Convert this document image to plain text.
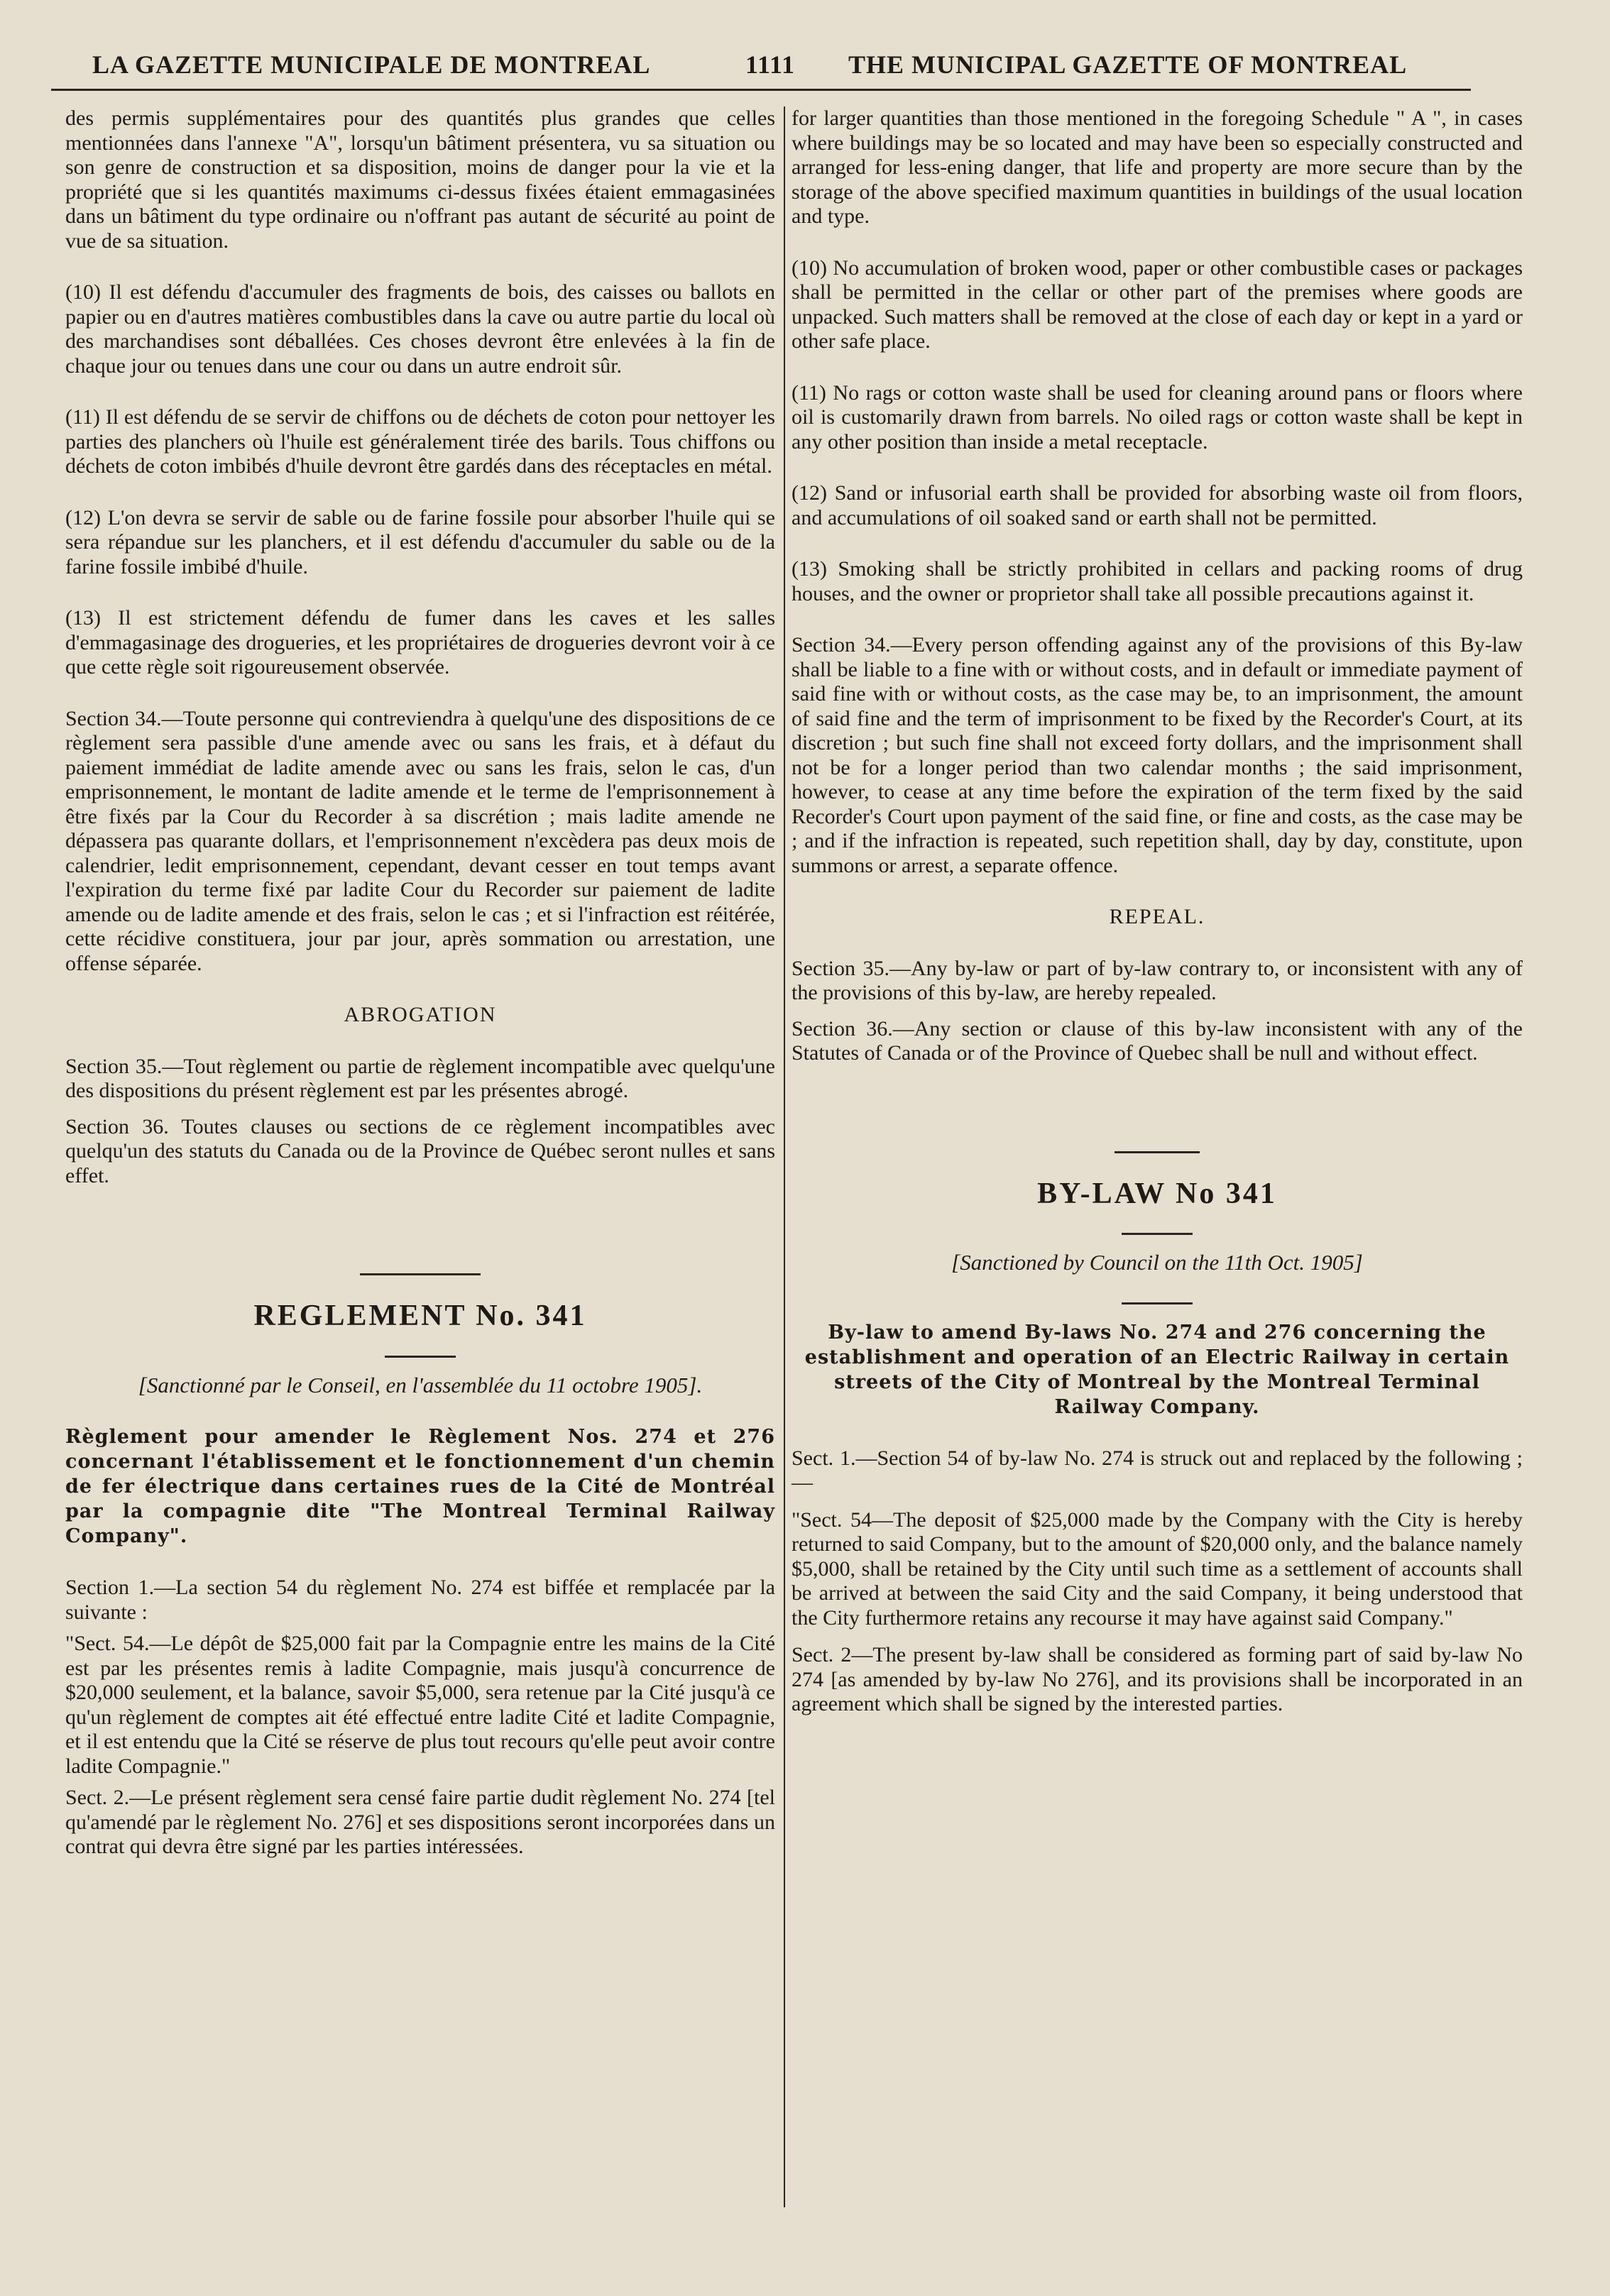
LA GAZETTE MUNICIPALE DE MONTREAL	1111 THE MUNICIPAL GAZETTE OF MONTREAL

des permis supplémentaires pour des quantités plus grandes que celles mentionnées dans l'annexe "A", lorsqu'un bâtiment présentera, vu sa situation ou son genre de construction et sa disposition, moins de danger pour la vie et la propriété que si les quantités maximums ci-dessus fixées étaient emmagasinées dans un bâtiment du type ordinaire ou n'offrant pas autant de sécurité au point de vue de sa situation.

(10) Il est défendu d'accumuler des fragments de bois, des caisses ou ballots en papier ou en d'autres matières combustibles dans la cave ou autre partie du local où des marchandises sont déballées. Ces choses devront être enlevées à la fin de chaque jour ou tenues dans une cour ou dans un autre endroit sûr.

(11) Il est défendu de se servir de chiffons ou de déchets de coton pour nettoyer les parties des planchers où l'huile est généralement tirée des barils. Tous chiffons ou déchets de coton imbibés d'huile devront être gardés dans des réceptacles en métal.

(12) L'on devra se servir de sable ou de farine fossile pour absorber l'huile qui se sera répandue sur les planchers, et il est défendu d'accumuler du sable ou de la farine fossile imbibé d'huile.

(13) Il est strictement défendu de fumer dans les caves et les salles d'emmagasinage des drogueries, et les propriétaires de drogueries devront voir à ce que cette règle soit rigoureusement observée.

Section 34.—Toute personne qui contreviendra à quelqu'une des dispositions de ce règlement sera passible d'une amende avec ou sans les frais, et à défaut du paiement immédiat de ladite amende avec ou sans les frais, selon le cas, d'un emprisonnement, le montant de ladite amende et le terme de l'emprisonnement à être fixés par la Cour du Recorder à sa discrétion ; mais ladite amende ne dépassera pas quarante dollars, et l'emprisonnement n'excèdera pas deux mois de calendrier, ledit emprisonnement, cependant, devant cesser en tout temps avant l'expiration du terme fixé par ladite Cour du Recorder sur paiement de ladite amende ou de ladite amende et des frais, selon le cas ; et si l'infraction est réitérée, cette récidive constituera, jour par jour, après sommation ou arrestation, une offense séparée.

ABROGATION

Section 35.—Tout règlement ou partie de règlement incompatible avec quelqu'une des dispositions du présent règlement est par les présentes abrogé.

Section 36. Toutes clauses ou sections de ce règlement incompatibles avec quelqu'un des statuts du Canada ou de la Province de Québec seront nulles et sans effet.

REGLEMENT No. 341

[Sanctionné par le Conseil, en l'assemblée du 11 octobre 1905].

Règlement pour amender le Règlement Nos. 274 et 276 concernant l'établissement et le fonctionnement d'un chemin de fer électrique dans certaines rues de la Cité de Montréal par la compagnie dite "The Montreal Terminal Railway Company".

Section 1.—La section 54 du règlement No. 274 est biffée et remplacée par la suivante :

"Sect. 54.—Le dépôt de $25,000 fait par la Compagnie entre les mains de la Cité est par les présentes remis à ladite Compagnie, mais jusqu'à concurrence de $20,000 seulement, et la balance, savoir $5,000, sera retenue par la Cité jusqu'à ce qu'un règlement de comptes ait été effectué entre ladite Cité et ladite Compagnie, et il est entendu que la Cité se réserve de plus tout recours qu'elle peut avoir contre ladite Compagnie."

Sect. 2.—Le présent règlement sera censé faire partie dudit règlement No. 274 [tel qu'amendé par le règlement No. 276] et ses dispositions seront incorporées dans un contrat qui devra être signé par les parties intéressées.

for larger quantities than those mentioned in the foregoing Schedule " A ", in cases where buildings may be so located and may have been so especially constructed and arranged for less-ening danger, that life and property are more secure than by the storage of the above specified maximum quantities in buildings of the usual location and type.

(10) No accumulation of broken wood, paper or other combustible cases or packages shall be permitted in the cellar or other part of the premises where goods are unpacked. Such matters shall be removed at the close of each day or kept in a yard or other safe place.

(11) No rags or cotton waste shall be used for cleaning around pans or floors where oil is customarily drawn from barrels. No oiled rags or cotton waste shall be kept in any other position than inside a metal receptacle.

(12) Sand or infusorial earth shall be provided for absorbing waste oil from floors, and accumulations of oil soaked sand or earth shall not be permitted.

(13) Smoking shall be strictly prohibited in cellars and packing rooms of drug houses, and the owner or proprietor shall take all possible precautions against it.

Section 34.—Every person offending against any of the provisions of this By-law shall be liable to a fine with or without costs, and in default or immediate payment of said fine with or without costs, as the case may be, to an imprisonment, the amount of said fine and the term of imprisonment to be fixed by the Recorder's Court, at its discretion ; but such fine shall not exceed forty dollars, and the imprisonment shall not be for a longer period than two calendar months ; the said imprisonment, however, to cease at any time before the expiration of the term fixed by the said Recorder's Court upon payment of the said fine, or fine and costs, as the case may be ; and if the infraction is repeated, such repetition shall, day by day, constitute, upon summons or arrest, a separate offence.

REPEAL.

Section 35.—Any by-law or part of by-law contrary to, or inconsistent with any of the provisions of this by-law, are hereby repealed.

Section 36.—Any section or clause of this by-law inconsistent with any of the Statutes of Canada or of the Province of Quebec shall be null and without effect.

BY-LAW No 341

[Sanctioned by Council on the 11th Oct. 1905]

By-law to amend By-laws No. 274 and 276 concerning the establishment and operation of an Electric Railway in certain streets of the City of Montreal by the Montreal Terminal Railway Company.

Sect. 1.—Section 54 of by-law No. 274 is struck out and replaced by the following ;—

"Sect. 54—The deposit of $25,000 made by the Company with the City is hereby returned to said Company, but to the amount of $20,000 only, and the balance namely $5,000, shall be retained by the City until such time as a settlement of accounts shall be arrived at between the said City and the said Company, it being understood that the City furthermore retains any recourse it may have against said Company."

Sect. 2—The present by-law shall be considered as forming part of said by-law No 274 [as amended by by-law No 276], and its provisions shall be incorporated in an agreement which shall be signed by the interested parties.
